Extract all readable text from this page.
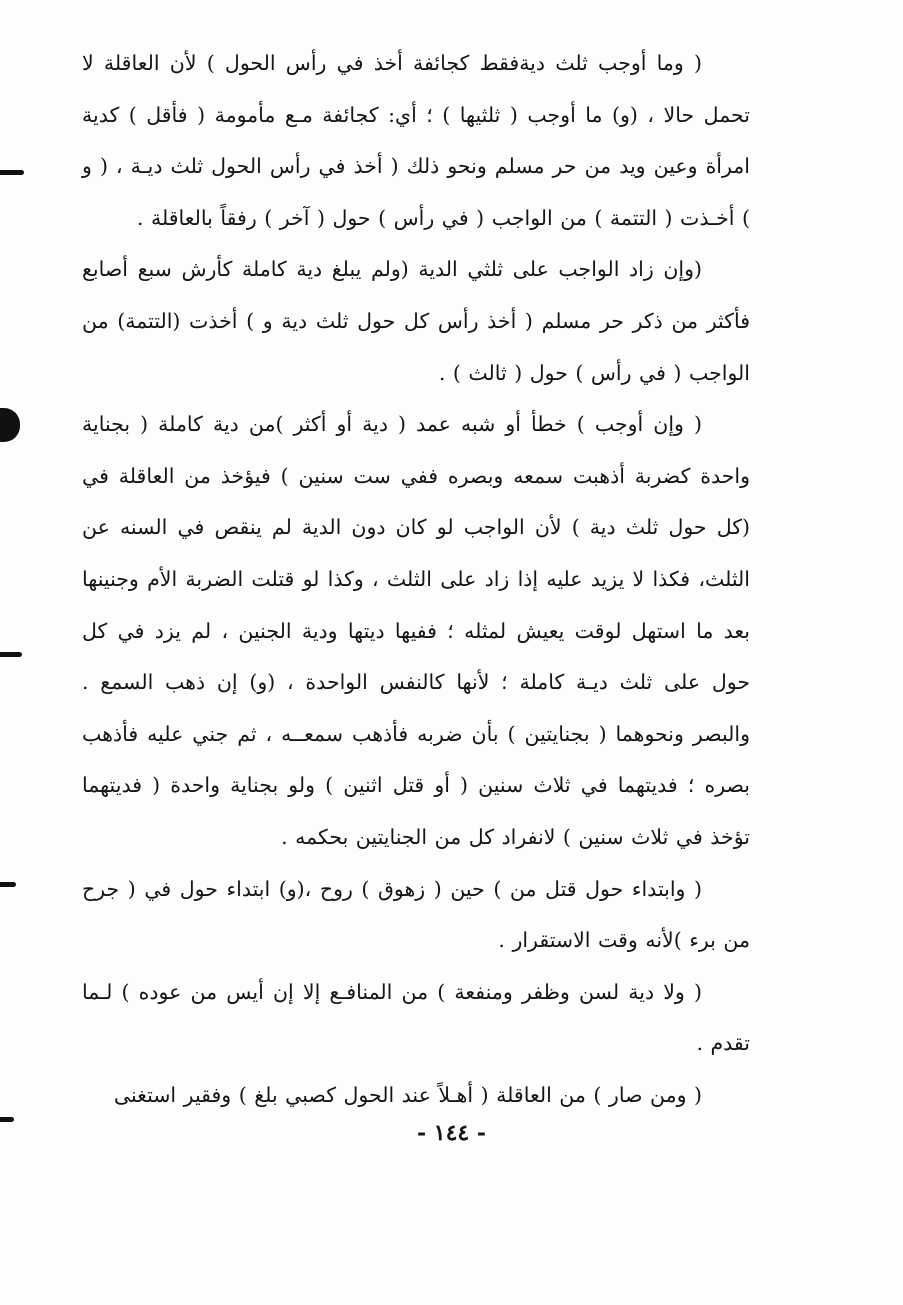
( وما أوجب ثلث ديةفقط كجائفة أخذ في رأس الحول ) لأن العاقلة لا تحمل حالا ، (و) ما أوجب ( ثلثيها ) ؛ أي: كجائفة مـع مأمومة ( فأقل ) كدية امرأة وعين ويد من حر مسلم ونحو ذلك ( أخذ في رأس الحول ثلث ديـة ، ( و ) أخـذت ( التتمة ) من الواجب ( في رأس ) حول ( آخر ) رفقاً بالعاقلة .

(وإن زاد الواجب على ثلثي الدية (ولم يبلغ دية كاملة كأرش سبع أصابع فأكثر من ذكر حر مسلم ( أخذ رأس كل حول ثلث دية و ) أخذت (التتمة) من الواجب ( في رأس ) حول ( ثالث ) .

( وإن أوجب ) خطأ أو شبه عمد ( دية أو أكثر )من دية كاملة ( بجناية واحدة كضربة أذهبت سمعه وبصره ففي ست سنين ) فيؤخذ من العاقلة في (كل حول ثلث دية ) لأن الواجب لو كان دون الدية لم ينقص في السنه عن الثلث، فكذا لا يزيد عليه إذا زاد على الثلث ، وكذا لو قتلت الضربة الأم وجنينها بعد ما استهل لوقت يعيش لمثله ؛ ففيها ديتها ودية الجنين ، لم يزد في كل حول على ثلث ديـة كاملة ؛ لأنها كالنفس الواحدة ، (و) إن ذهب السمع . والبصر ونحوهما ( بجنايتين ) بأن ضربه فأذهب سمعــه ، ثم جني عليه فأذهب بصره ؛ فديتهما في ثلاث سنين ( أو قتل اثنين ) ولو بجناية واحدة ( فديتهما تؤخذ في ثلاث سنين ) لانفراد كل من الجنايتين بحكمه .

( وابتداء حول قتل من ) حين ( زهوق ) روح ،(و) ابتداء حول في ( جرح من برء )لأنه وقت الاستقرار .

( ولا دية لسن وظفر ومنفعة ) من المنافـع إلا إن أيس من عوده ) لـما تقدم .

( ومن صار ) من العاقلة ( أهـلاً عند الحول كصبي بلغ ) وفقير استغنى

- ١٤٤ -
